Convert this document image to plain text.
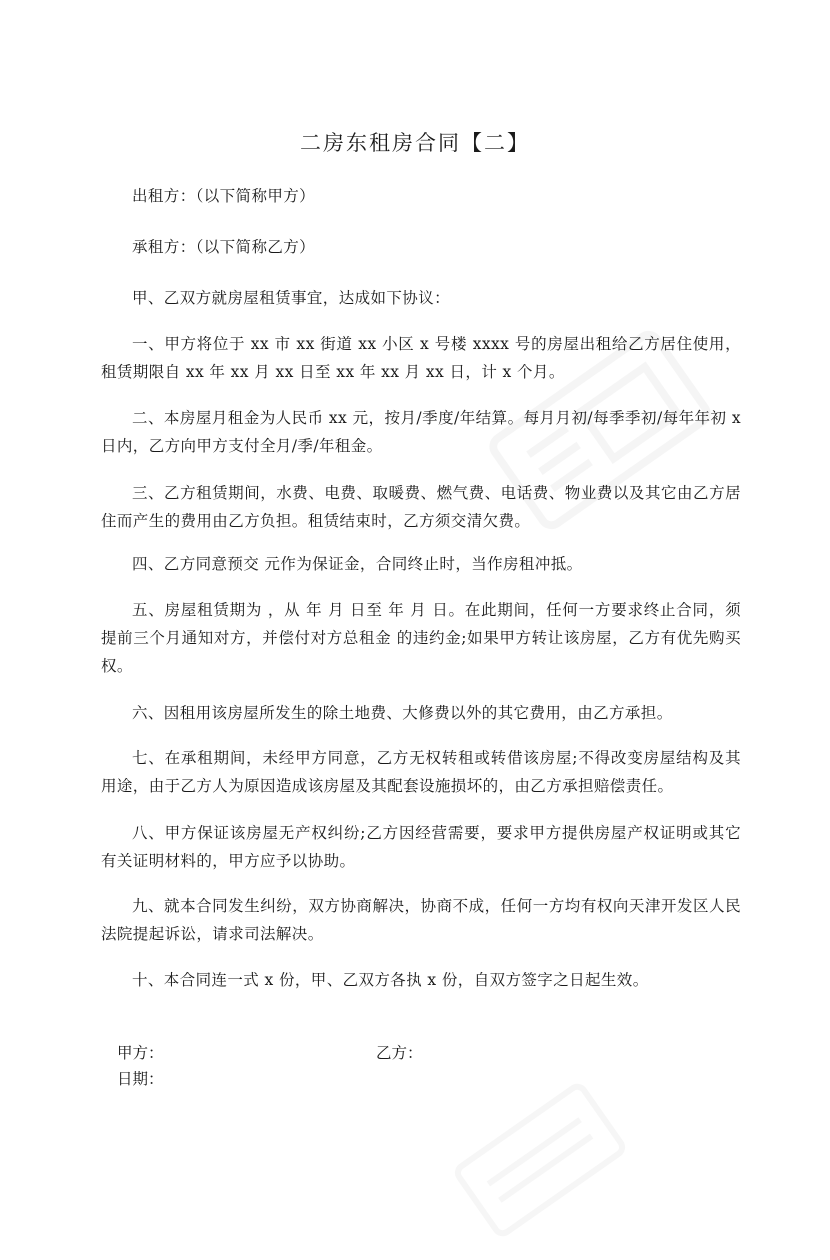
二房东租房合同【二】

出租方：（以下简称甲方）

承租方：（以下简称乙方）

甲、乙双方就房屋租赁事宜，达成如下协议：

一、甲方将位于 xx 市 xx 街道 xx 小区 x 号楼 xxxx 号的房屋出租给乙方居住使用，租赁期限自 xx 年 xx 月 xx 日至 xx 年 xx 月 xx 日，计 x 个月。

二、本房屋月租金为人民币 xx 元，按月/季度/年结算。每月月初/每季季初/每年年初 x 日内，乙方向甲方支付全月/季/年租金。

三、乙方租赁期间，水费、电费、取暖费、燃气费、电话费、物业费以及其它由乙方居住而产生的费用由乙方负担。租赁结束时，乙方须交清欠费。

四、乙方同意预交 元作为保证金，合同终止时，当作房租冲抵。

五、房屋租赁期为 ，从 年 月 日至 年 月 日。在此期间，任何一方要求终止合同，须提前三个月通知对方，并偿付对方总租金 的违约金;如果甲方转让该房屋，乙方有优先购买权。

六、因租用该房屋所发生的除土地费、大修费以外的其它费用，由乙方承担。

七、在承租期间，未经甲方同意，乙方无权转租或转借该房屋;不得改变房屋结构及其用途，由于乙方人为原因造成该房屋及其配套设施损坏的，由乙方承担赔偿责任。

八、甲方保证该房屋无产权纠纷;乙方因经营需要，要求甲方提供房屋产权证明或其它有关证明材料的，甲方应予以协助。

九、就本合同发生纠纷，双方协商解决，协商不成，任何一方均有权向天津开发区人民法院提起诉讼，请求司法解决。

十、本合同连一式 x 份，甲、乙双方各执 x 份，自双方签字之日起生效。

甲方：	乙方：

日期：
